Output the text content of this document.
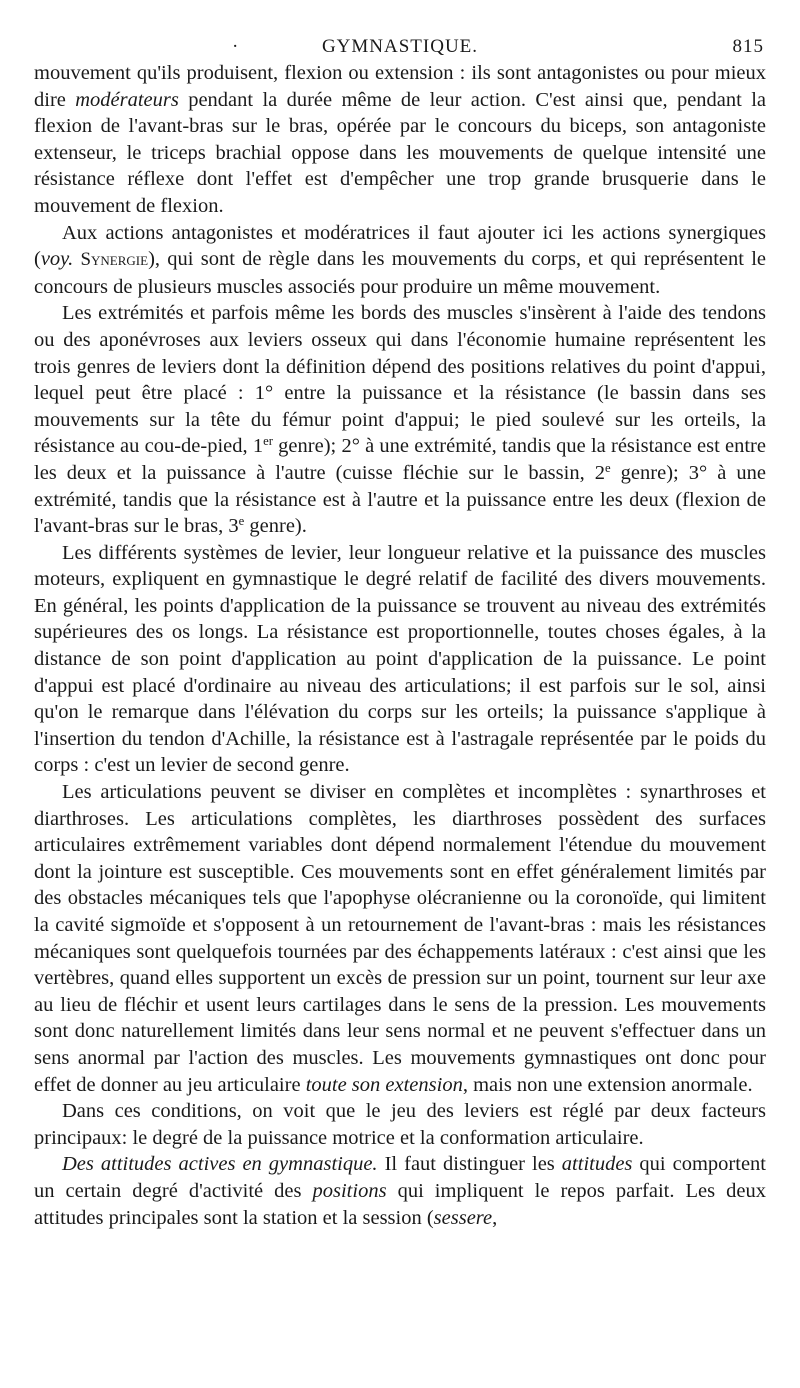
·	GYMNASTIQUE.	815

mouvement qu'ils produisent, flexion ou extension : ils sont antagonistes ou pour mieux dire modérateurs pendant la durée même de leur action. C'est ainsi que, pendant la flexion de l'avant-bras sur le bras, opérée par le concours du biceps, son antagoniste extenseur, le triceps brachial oppose dans les mouvements de quelque intensité une résistance réflexe dont l'effet est d'empêcher une trop grande brusquerie dans le mouvement de flexion.

Aux actions antagonistes et modératrices il faut ajouter ici les actions synergiques (voy. Synergie), qui sont de règle dans les mouvements du corps, et qui représentent le concours de plusieurs muscles associés pour produire un même mouvement.

Les extrémités et parfois même les bords des muscles s'insèrent à l'aide des tendons ou des aponévroses aux leviers osseux qui dans l'économie humaine représentent les trois genres de leviers dont la définition dépend des positions relatives du point d'appui, lequel peut être placé : 1° entre la puissance et la résistance (le bassin dans ses mouvements sur la tête du fémur point d'appui; le pied soulevé sur les orteils, la résistance au cou-de-pied, 1er genre); 2° à une extrémité, tandis que la résistance est entre les deux et la puissance à l'autre (cuisse fléchie sur le bassin, 2e genre); 3° à une extrémité, tandis que la résistance est à l'autre et la puissance entre les deux (flexion de l'avant-bras sur le bras, 3e genre).

Les différents systèmes de levier, leur longueur relative et la puissance des muscles moteurs, expliquent en gymnastique le degré relatif de facilité des divers mouvements. En général, les points d'application de la puissance se trouvent au niveau des extrémités supérieures des os longs. La résistance est proportionnelle, toutes choses égales, à la distance de son point d'application au point d'application de la puissance. Le point d'appui est placé d'ordinaire au niveau des articulations; il est parfois sur le sol, ainsi qu'on le remarque dans l'élévation du corps sur les orteils; la puissance s'applique à l'insertion du tendon d'Achille, la résistance est à l'astragale représentée par le poids du corps : c'est un levier de second genre.

Les articulations peuvent se diviser en complètes et incomplètes : synarthroses et diarthroses. Les articulations complètes, les diarthroses possèdent des surfaces articulaires extrêmement variables dont dépend normalement l'étendue du mouvement dont la jointure est susceptible. Ces mouvements sont en effet généralement limités par des obstacles mécaniques tels que l'apophyse olécranienne ou la coronoïde, qui limitent la cavité sigmoïde et s'opposent à un retournement de l'avant-bras : mais les résistances mécaniques sont quelquefois tournées par des échappements latéraux : c'est ainsi que les vertèbres, quand elles supportent un excès de pression sur un point, tournent sur leur axe au lieu de fléchir et usent leurs cartilages dans le sens de la pression. Les mouvements sont donc naturellement limités dans leur sens normal et ne peuvent s'effectuer dans un sens anormal par l'action des muscles. Les mouvements gymnastiques ont donc pour effet de donner au jeu articulaire toute son extension, mais non une extension anormale.

Dans ces conditions, on voit que le jeu des leviers est réglé par deux facteurs principaux: le degré de la puissance motrice et la conformation articulaire.

Des attitudes actives en gymnastique. Il faut distinguer les attitudes qui comportent un certain degré d'activité des positions qui impliquent le repos parfait. Les deux attitudes principales sont la station et la session (sessere,
